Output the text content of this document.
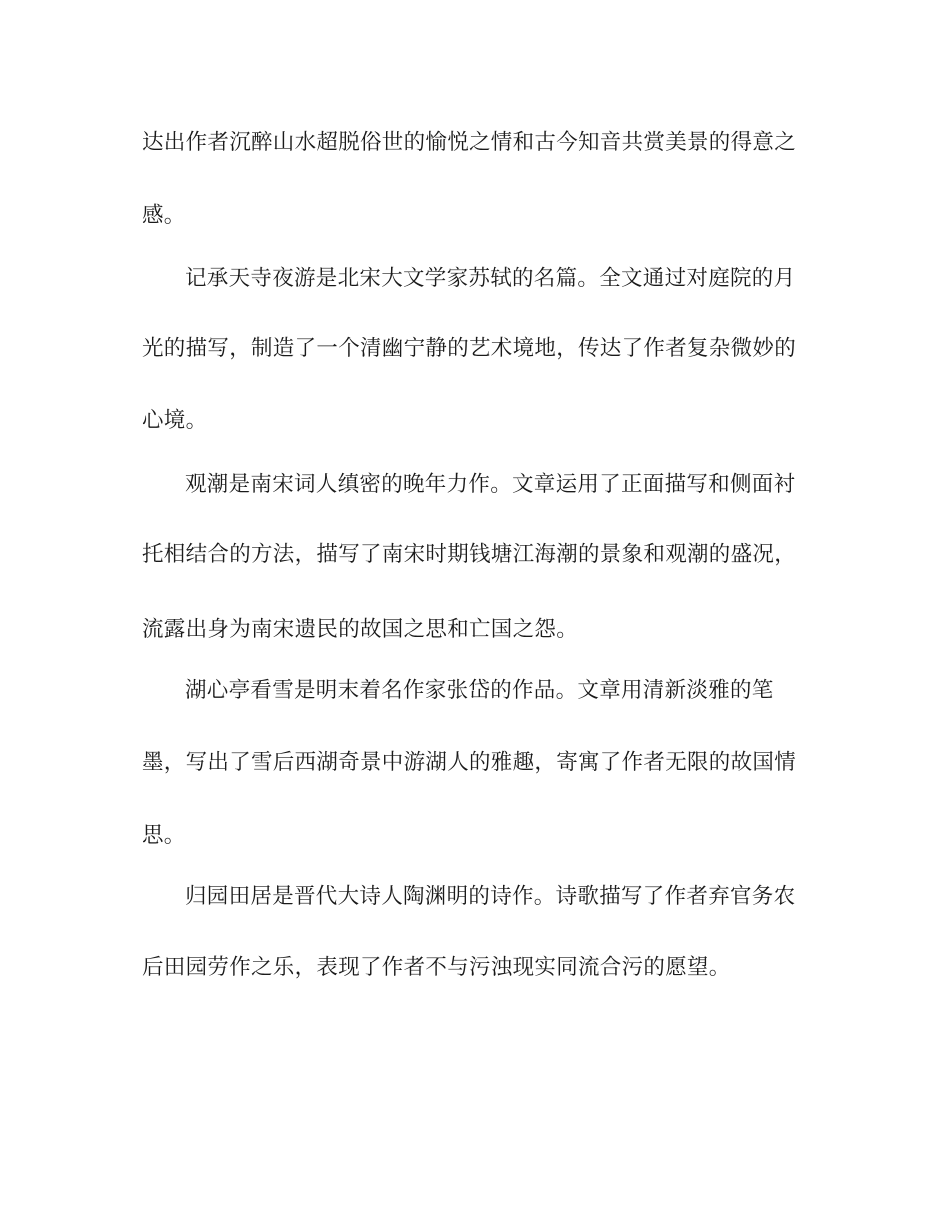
达出作者沉醉山水超脱俗世的愉悦之情和古今知音共赏美景的得意之
感。
记承天寺夜游是北宋大文学家苏轼的名篇。全文通过对庭院的月
光的描写，制造了一个清幽宁静的艺术境地，传达了作者复杂微妙的
心境。
观潮是南宋词人缜密的晚年力作。文章运用了正面描写和侧面衬
托相结合的方法，描写了南宋时期钱塘江海潮的景象和观潮的盛况，
流露出身为南宋遗民的故国之思和亡国之怨。
湖心亭看雪是明末着名作家张岱的作品。文章用清新淡雅的笔
墨，写出了雪后西湖奇景中游湖人的雅趣，寄寓了作者无限的故国情
思。
归园田居是晋代大诗人陶渊明的诗作。诗歌描写了作者弃官务农
后田园劳作之乐，表现了作者不与污浊现实同流合污的愿望。
